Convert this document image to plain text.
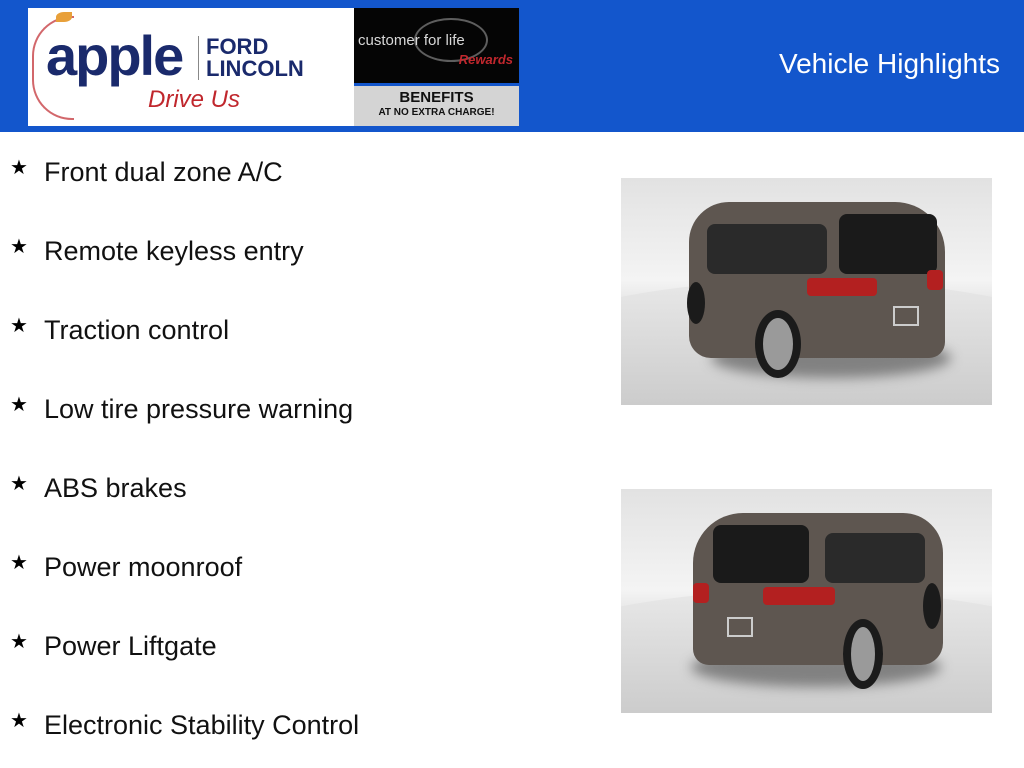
apple FORD
LINCOLN
Drive Us
customer for life
Rewards
BENEFITS
AT NO EXTRA CHARGE!
Vehicle Highlights
★ Front dual zone A/C
★ Remote keyless entry
★ Traction control
★ Low tire pressure warning
★ ABS brakes
★ Power moonroof
★ Power Liftgate
★ Electronic Stability Control
